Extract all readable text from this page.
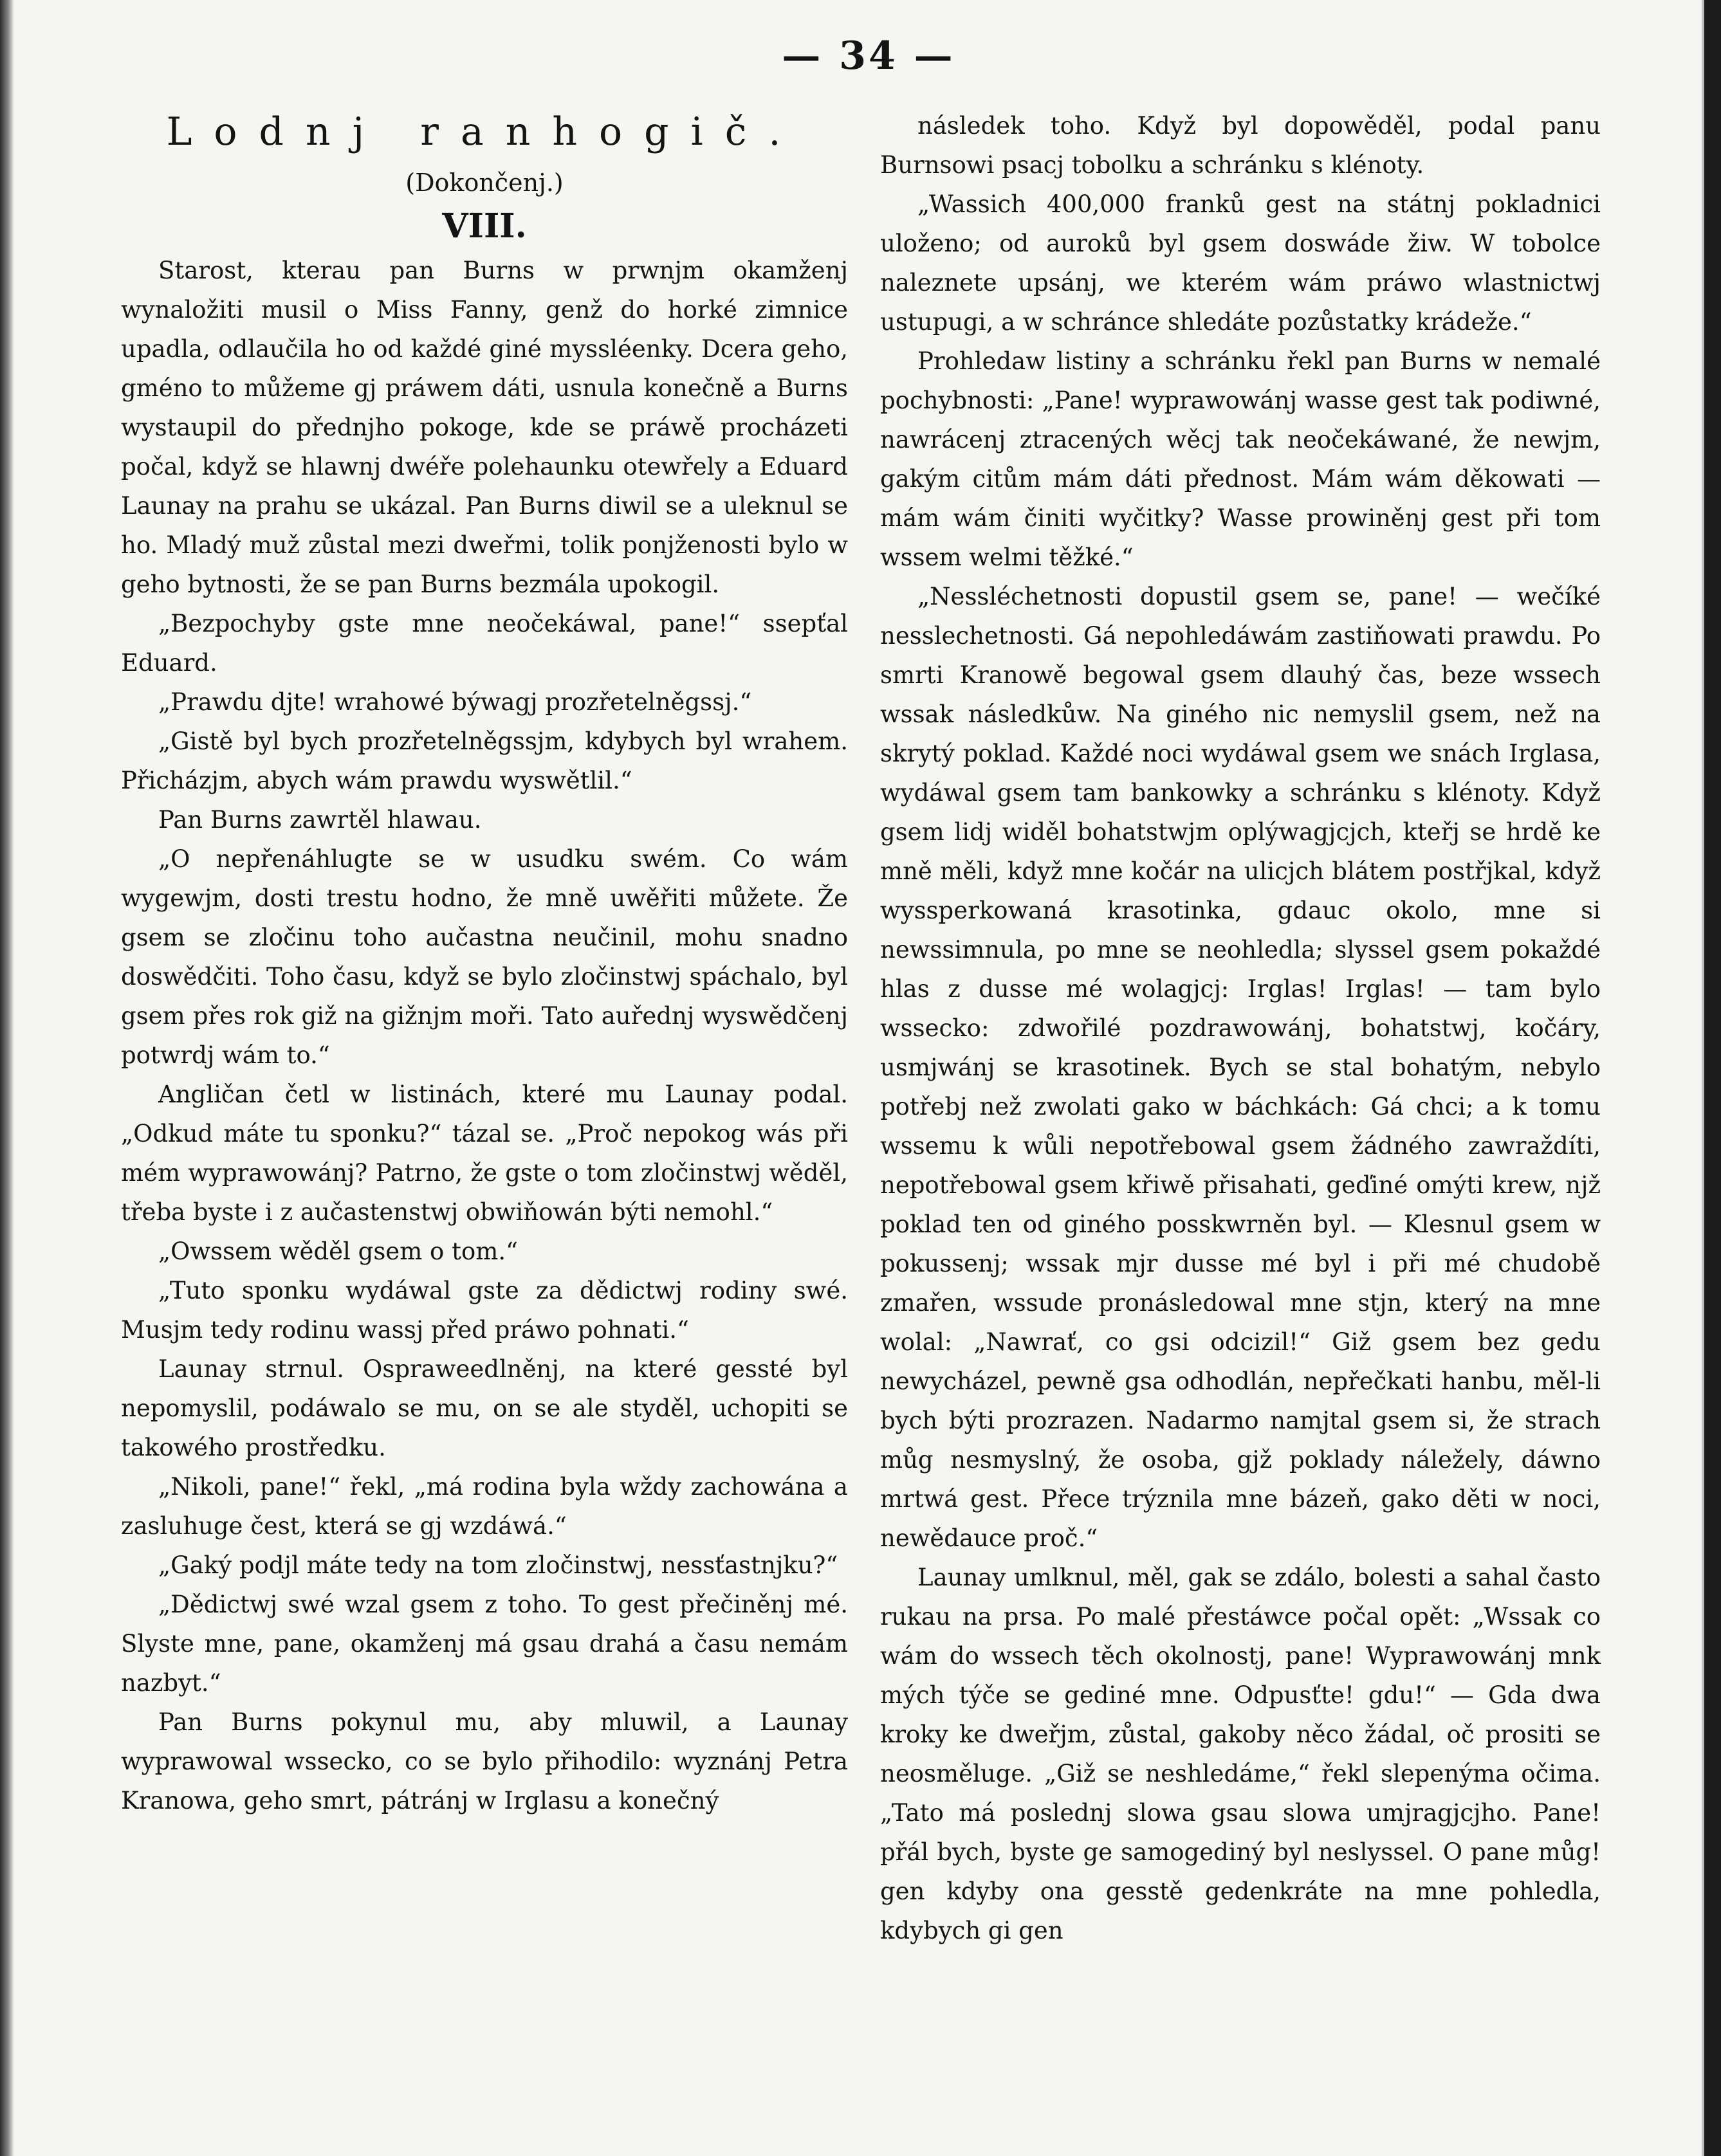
— 34 —
Lodnj ranhogič.
(Dokončenj.)
VIII.

Starost, kterau pan Burns w prwnjm okamženj wynaložiti musil o Miss Fanny, genž do horké zimnice upadla, odlaučila ho od každé giné myssléenky. Dcera geho, gméno to můžeme gj práwem dáti, usnula konečně a Burns wystaupil do přednjho pokoge, kde se práwě procházeti počal, když se hlawnj dwéře polehaunku otewřely a Eduard Launay na prahu se ukázal. Pan Burns diwil se a uleknul se ho. Mladý muž zůstal mezi dweřmi, tolik ponjženosti bylo w geho bytnosti, že se pan Burns bezmála upokogil.

„Bezpochyby gste mne neočekáwal, pane!“ ssepťal Eduard.

„Prawdu djte! wrahowé býwagj prozřetelněgssj.“

„Gistě byl bych prozřetelněgssjm, kdybych byl wrahem. Přicházjm, abych wám prawdu wyswětlil.“

Pan Burns zawrtěl hlawau.

„O nepřenáhlugte se w usudku swém. Co wám wygewjm, dosti trestu hodno, že mně uwěřiti můžete. Že gsem se zločinu toho aučastna neučinil, mohu snadno doswědčiti. Toho času, když se bylo zločinstwj spáchalo, byl gsem přes rok giž na gižnjm moři. Tato auřednj wyswědčenj potwrdj wám to.“

Angličan četl w listinách, které mu Launay podal. „Odkud máte tu sponku?“ tázal se. „Proč nepokog wás při mém wyprawowánj? Patrno, že gste o tom zločinstwj wěděl, třeba byste i z aučastenstwj obwiňowán býti nemohl.“

„Owssem wěděl gsem o tom.“

„Tuto sponku wydáwal gste za dědictwj rodiny swé. Musjm tedy rodinu wassj před práwo pohnati.“

Launay strnul. Ospraweedlněnj, na které gessté byl nepomyslil, podáwalo se mu, on se ale styděl, uchopiti se takowého prostředku.

„Nikoli, pane!“ řekl, „má rodina byla wždy zachowána a zasluhuge čest, která se gj wzdáwá.“

„Gaký podjl máte tedy na tom zločinstwj, nessťastnjku?“

„Dědictwj swé wzal gsem z toho. To gest přečiněnj mé. Slyste mne, pane, okamženj má gsau drahá a času nemám nazbyt.“

Pan Burns pokynul mu, aby mluwil, a Launay wyprawowal wssecko, co se bylo přihodilo: wyznánj Petra Kranowa, geho smrt, pátránj w Irglasu a konečný

následek toho. Když byl dopowěděl, podal panu Burnsowi psacj tobolku a schránku s klénoty.

„Wassich 400,000 franků gest na státnj pokladnici uloženo; od auroků byl gsem doswáde žiw. W tobolce naleznete upsánj, we kterém wám práwo wlastnictwj ustupugi, a w schránce shledáte pozůstatky krádeže.“

Prohledaw listiny a schránku řekl pan Burns w nemalé pochybnosti: „Pane! wyprawowánj wasse gest tak podiwné, nawrácenj ztracených wěcj tak neočekáwané, že newjm, gakým citům mám dáti přednost. Mám wám děkowati — mám wám činiti wyčitky? Wasse prowiněnj gest při tom wssem welmi těžké.“

„Nessléchetnosti dopustil gsem se, pane! — wečíké nesslechetnosti. Gá nepohledáwám zastiňowati prawdu. Po smrti Kranowě begowal gsem dlauhý čas, beze wssech wssak následkůw. Na giného nic nemyslil gsem, než na skrytý poklad. Každé noci wydáwal gsem we snách Irglasa, wydáwal gsem tam bankowky a schránku s klénoty. Když gsem lidj widěl bohatstwjm oplýwagjcjch, kteřj se hrdě ke mně měli, když mne kočár na ulicjch blátem postřjkal, když wyssperkowaná krasotinka, gdauc okolo, mne si newssimnula, po mne se neohledla; slyssel gsem pokaždé hlas z dusse mé wolagjcj: Irglas! Irglas! — tam bylo wssecko: zdwořilé pozdrawowánj, bohatstwj, kočáry, usmjwánj se krasotinek. Bych se stal bohatým, nebylo potřebj než zwolati gako w báchkách: Gá chci; a k tomu wssemu k wůli nepotřebowal gsem žádného zawraždíti, nepotřebowal gsem křiwě přisahati, geďiné omýti krew, njž poklad ten od giného posskwrněn byl. — Klesnul gsem w pokussenj; wssak mjr dusse mé byl i při mé chudobě zmařen, wssude pronásledowal mne stjn, který na mne wolal: „Nawrať, co gsi odcizil!“ Giž gsem bez gedu newycházel, pewně gsa odhodlán, nepřečkati hanbu, měl-li bych býti prozrazen. Nadarmo namjtal gsem si, že strach můg nesmyslný, že osoba, gjž poklady náležely, dáwno mrtwá gest. Přece trýznila mne bázeň, gako děti w noci, newědauce proč.“

Launay umlknul, měl, gak se zdálo, bolesti a sahal často rukau na prsa. Po malé přestáwce počal opět: „Wssak co wám do wssech těch okolnostj, pane! Wyprawowánj mnk mých týče se gediné mne. Odpusťte! gdu!“ — Gda dwa kroky ke dweřjm, zůstal, gakoby něco žádal, oč prositi se neosměluge. „Giž se neshledáme,“ řekl slepenýma očima. „Tato má poslednj slowa gsau slowa umjragjcjho. Pane! přál bych, byste ge samogediný byl neslyssel. O pane můg! gen kdyby ona gesstě gedenkráte na mne pohledla, kdybych gi gen
